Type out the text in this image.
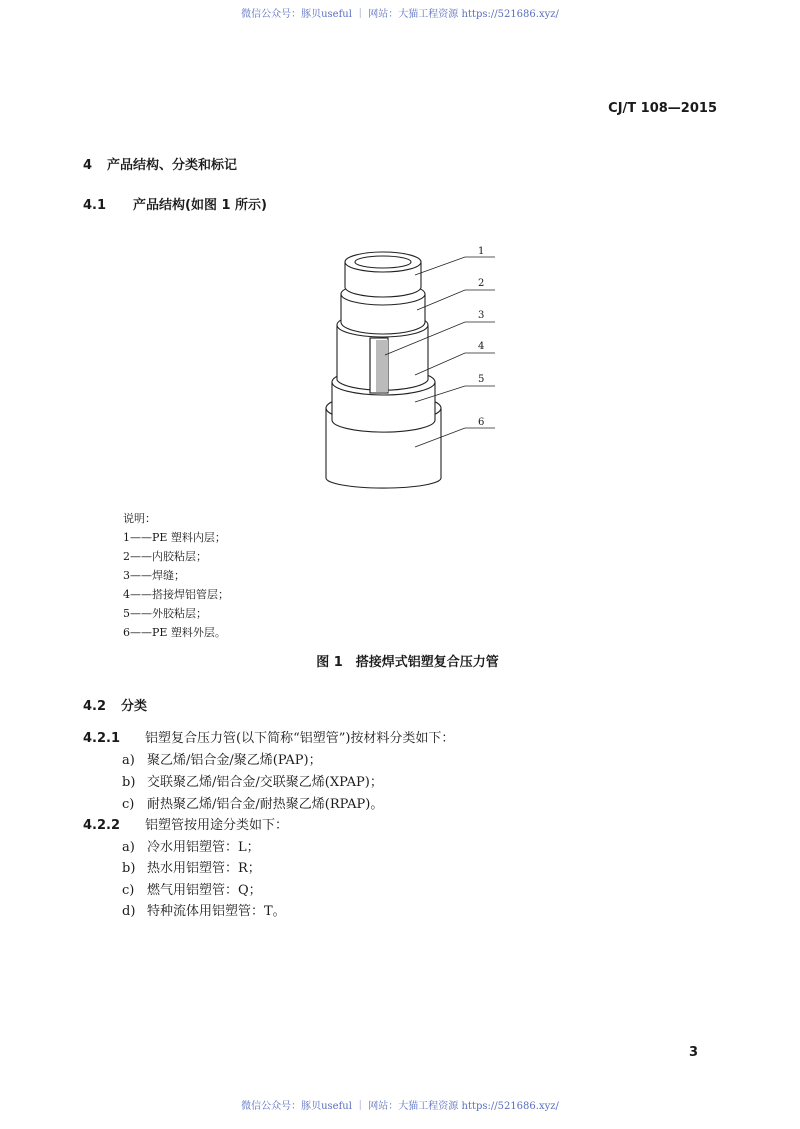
微信公众号：豚贝useful ｜ 网站：大猫工程资源 https://521686.xyz/
CJ/T 108—2015
4 产品结构、分类和标记
4.1 产品结构(如图 1 所示)
1
2
3
4
5
6
说明：
1——PE 塑料内层；
2——内胶粘层；
3——焊缝；
4——搭接焊铝管层；
5——外胶粘层；
6——PE 塑料外层。
图 1　搭接焊式铝塑复合压力管
4.2 分类
4.2.1 铝塑复合压力管(以下简称“铝塑管”)按材料分类如下：
a) 聚乙烯/铝合金/聚乙烯(PAP)；
b) 交联聚乙烯/铝合金/交联聚乙烯(XPAP)；
c) 耐热聚乙烯/铝合金/耐热聚乙烯(RPAP)。
4.2.2 铝塑管按用途分类如下：
a) 冷水用铝塑管：L；
b) 热水用铝塑管：R；
c) 燃气用铝塑管：Q；
d) 特种流体用铝塑管：T。
3
微信公众号：豚贝useful ｜ 网站：大猫工程资源 https://521686.xyz/
